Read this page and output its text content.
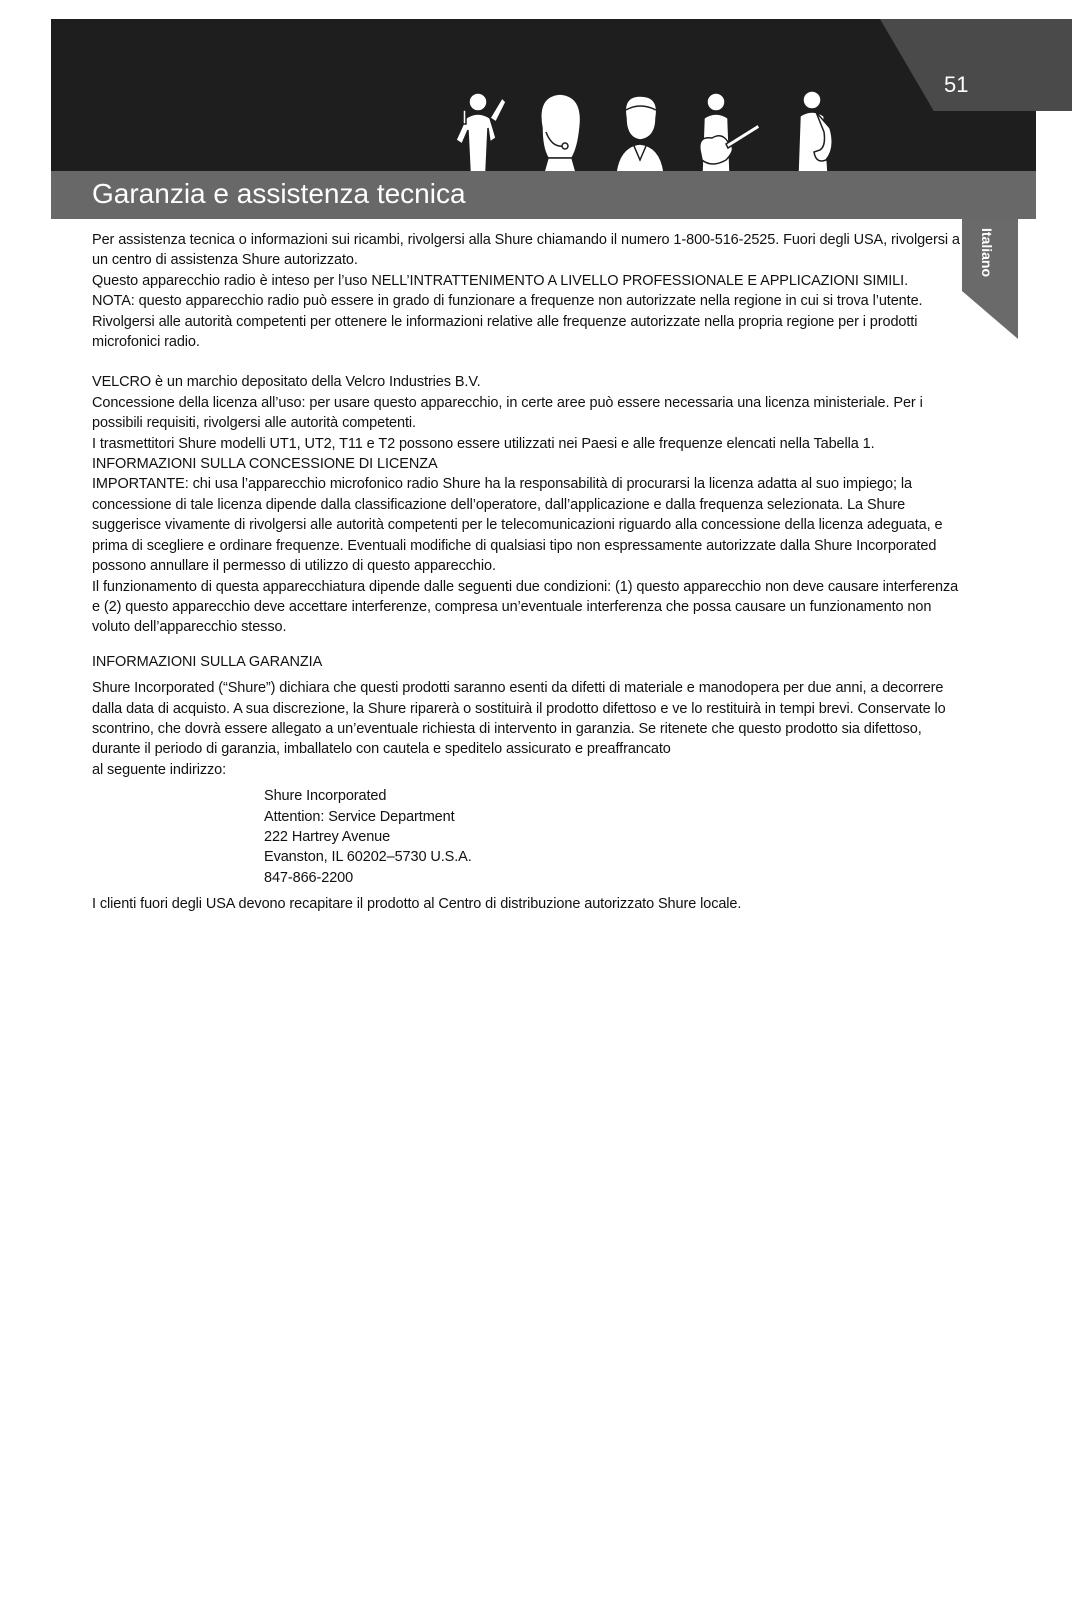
51
Garanzia e assistenza tecnica
Italiano

Per assistenza tecnica o informazioni sui ricambi, rivolgersi alla Shure chiamando il numero 1-800-516-2525. Fuori degli USA, rivolgersi a un centro di assistenza Shure autorizzato.

Questo apparecchio radio è inteso per l’uso NELL’INTRATTENIMENTO A LIVELLO PROFESSIONALE E APPLICAZIONI SIMILI.

NOTA: questo apparecchio radio può essere in grado di funzionare a frequenze non autorizzate nella regione in cui si trova l’utente. Rivolgersi alle autorità competenti per ottenere le informazioni relative alle frequenze autorizzate nella propria regione per i prodotti microfonici radio.

VELCRO è un marchio depositato della Velcro Industries B.V.

Concessione della licenza all’uso: per usare questo apparecchio, in certe aree può essere necessaria una licenza ministeriale. Per i possibili requisiti, rivolgersi alle autorità competenti.

I trasmettitori Shure modelli UT1, UT2, T11 e T2 possono essere utilizzati nei Paesi e alle frequenze elencati nella Tabella 1.

INFORMAZIONI SULLA CONCESSIONE DI LICENZA

IMPORTANTE: chi usa l’apparecchio microfonico radio Shure ha la responsabilità di procurarsi la licenza adatta al suo impiego; la concessione di tale licenza dipende dalla classificazione dell’operatore, dall’applicazione e dalla frequenza selezionata. La Shure suggerisce vivamente di rivolgersi alle autorità competenti per le telecomunicazioni riguardo alla concessione della licenza adeguata, e prima di scegliere e ordinare frequenze. Eventuali modifiche di qualsiasi tipo non espressamente autorizzate dalla Shure Incorporated possono annullare il permesso di utilizzo di questo apparecchio.

Il funzionamento di questa apparecchiatura dipende dalle seguenti due condizioni: (1) questo apparecchio non deve causare interferenza e (2) questo apparecchio deve accettare interferenze, compresa un’eventuale interferenza che possa causare un funzionamento non voluto dell’apparecchio stesso.

INFORMAZIONI SULLA GARANZIA

Shure Incorporated (“Shure”) dichiara che questi prodotti saranno esenti da difetti di materiale e manodopera per due anni, a decorrere dalla data di acquisto. A sua discrezione, la Shure riparerà o sostituirà il prodotto difettoso e ve lo restituirà in tempi brevi. Conservate lo scontrino, che dovrà essere allegato a un’eventuale richiesta di intervento in garanzia. Se ritenete che questo prodotto sia difettoso, durante il periodo di garanzia, imballatelo con cautela e speditelo assicurato e preaffrancato

al seguente indirizzo:

Shure Incorporated
Attention: Service Department
222 Hartrey Avenue
Evanston, IL 60202–5730 U.S.A.
847-866-2200

I clienti fuori degli USA devono recapitare il prodotto al Centro di distribuzione autorizzato Shure locale.
